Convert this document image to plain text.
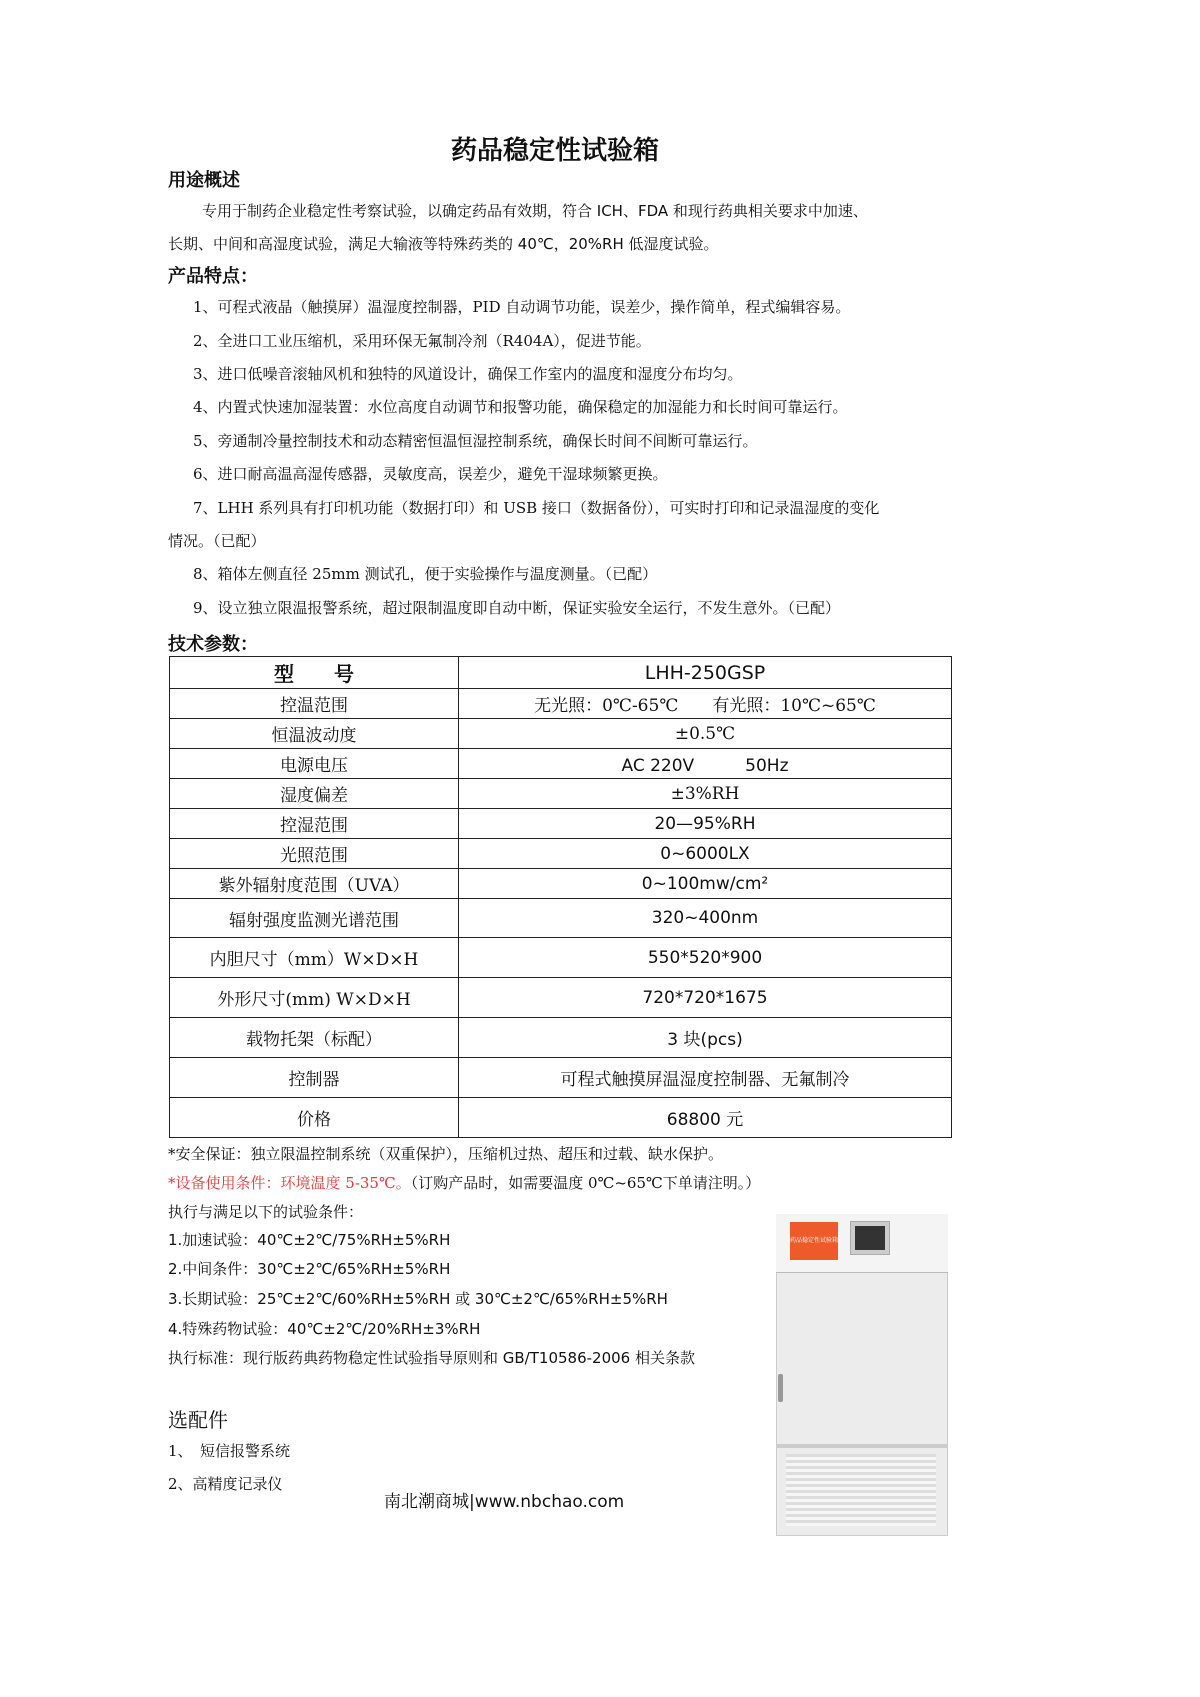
药品稳定性试验箱
用途概述
专用于制药企业稳定性考察试验，以确定药品有效期，符合 ICH、FDA 和现行药典相关要求中加速、
长期、中间和高湿度试验，满足大输液等特殊药类的 40℃，20%RH 低湿度试验。
产品特点：
1、可程式液晶（触摸屏）温湿度控制器，PID 自动调节功能，误差少，操作简单，程式编辑容易。
2、全进口工业压缩机，采用环保无氟制冷剂（R404A），促进节能。
3、进口低噪音滚轴风机和独特的风道设计，确保工作室内的温度和湿度分布均匀。
4、内置式快速加湿装置：水位高度自动调节和报警功能，确保稳定的加湿能力和长时间可靠运行。
5、旁通制冷量控制技术和动态精密恒温恒湿控制系统，确保长时间不间断可靠运行。
6、进口耐高温高湿传感器，灵敏度高，误差少，避免干湿球频繁更换。
7、LHH 系列具有打印机功能（数据打印）和 USB 接口（数据备份），可实时打印和记录温湿度的变化
情况。（已配）
8、箱体左侧直径 25mm 测试孔，便于实验操作与温度测量。（已配）
9、设立独立限温报警系统，超过限制温度即自动中断，保证实验安全运行，不发生意外。（已配）
技术参数：
型　　号	LHH-250GSP
控温范围	无光照：0℃-65℃　　有光照：10℃~65℃
恒温波动度	±0.5℃
电源电压	AC 220V　　　50Hz
湿度偏差	±3%RH
控湿范围	20—95%RH
光照范围	0~6000LX
紫外辐射度范围（UVA）	0~100mw/cm²
辐射强度监测光谱范围	320~400nm
内胆尺寸（mm）W×D×H	550*520*900
外形尺寸(mm) W×D×H	720*720*1675
载物托架（标配）	3 块(pcs)
控制器	可程式触摸屏温湿度控制器、无氟制冷
价格	68800 元
*安全保证：独立限温控制系统（双重保护），压缩机过热、超压和过载、缺水保护。
*设备使用条件：环境温度 5-35℃。（订购产品时，如需要温度 0℃~65℃下单请注明。）
执行与满足以下的试验条件：
1.加速试验：40℃±2℃/75%RH±5%RH
2.中间条件：30℃±2℃/65%RH±5%RH
3.长期试验：25℃±2℃/60%RH±5%RH 或 30℃±2℃/65%RH±5%RH
4.特殊药物试验：40℃±2℃/20%RH±3%RH
执行标准：现行版药典药物稳定性试验指导原则和 GB/T10586-2006 相关条款
选配件
1、　短信报警系统
2、高精度记录仪
南北潮商城|www.nbchao.com
药品稳定性试验箱
